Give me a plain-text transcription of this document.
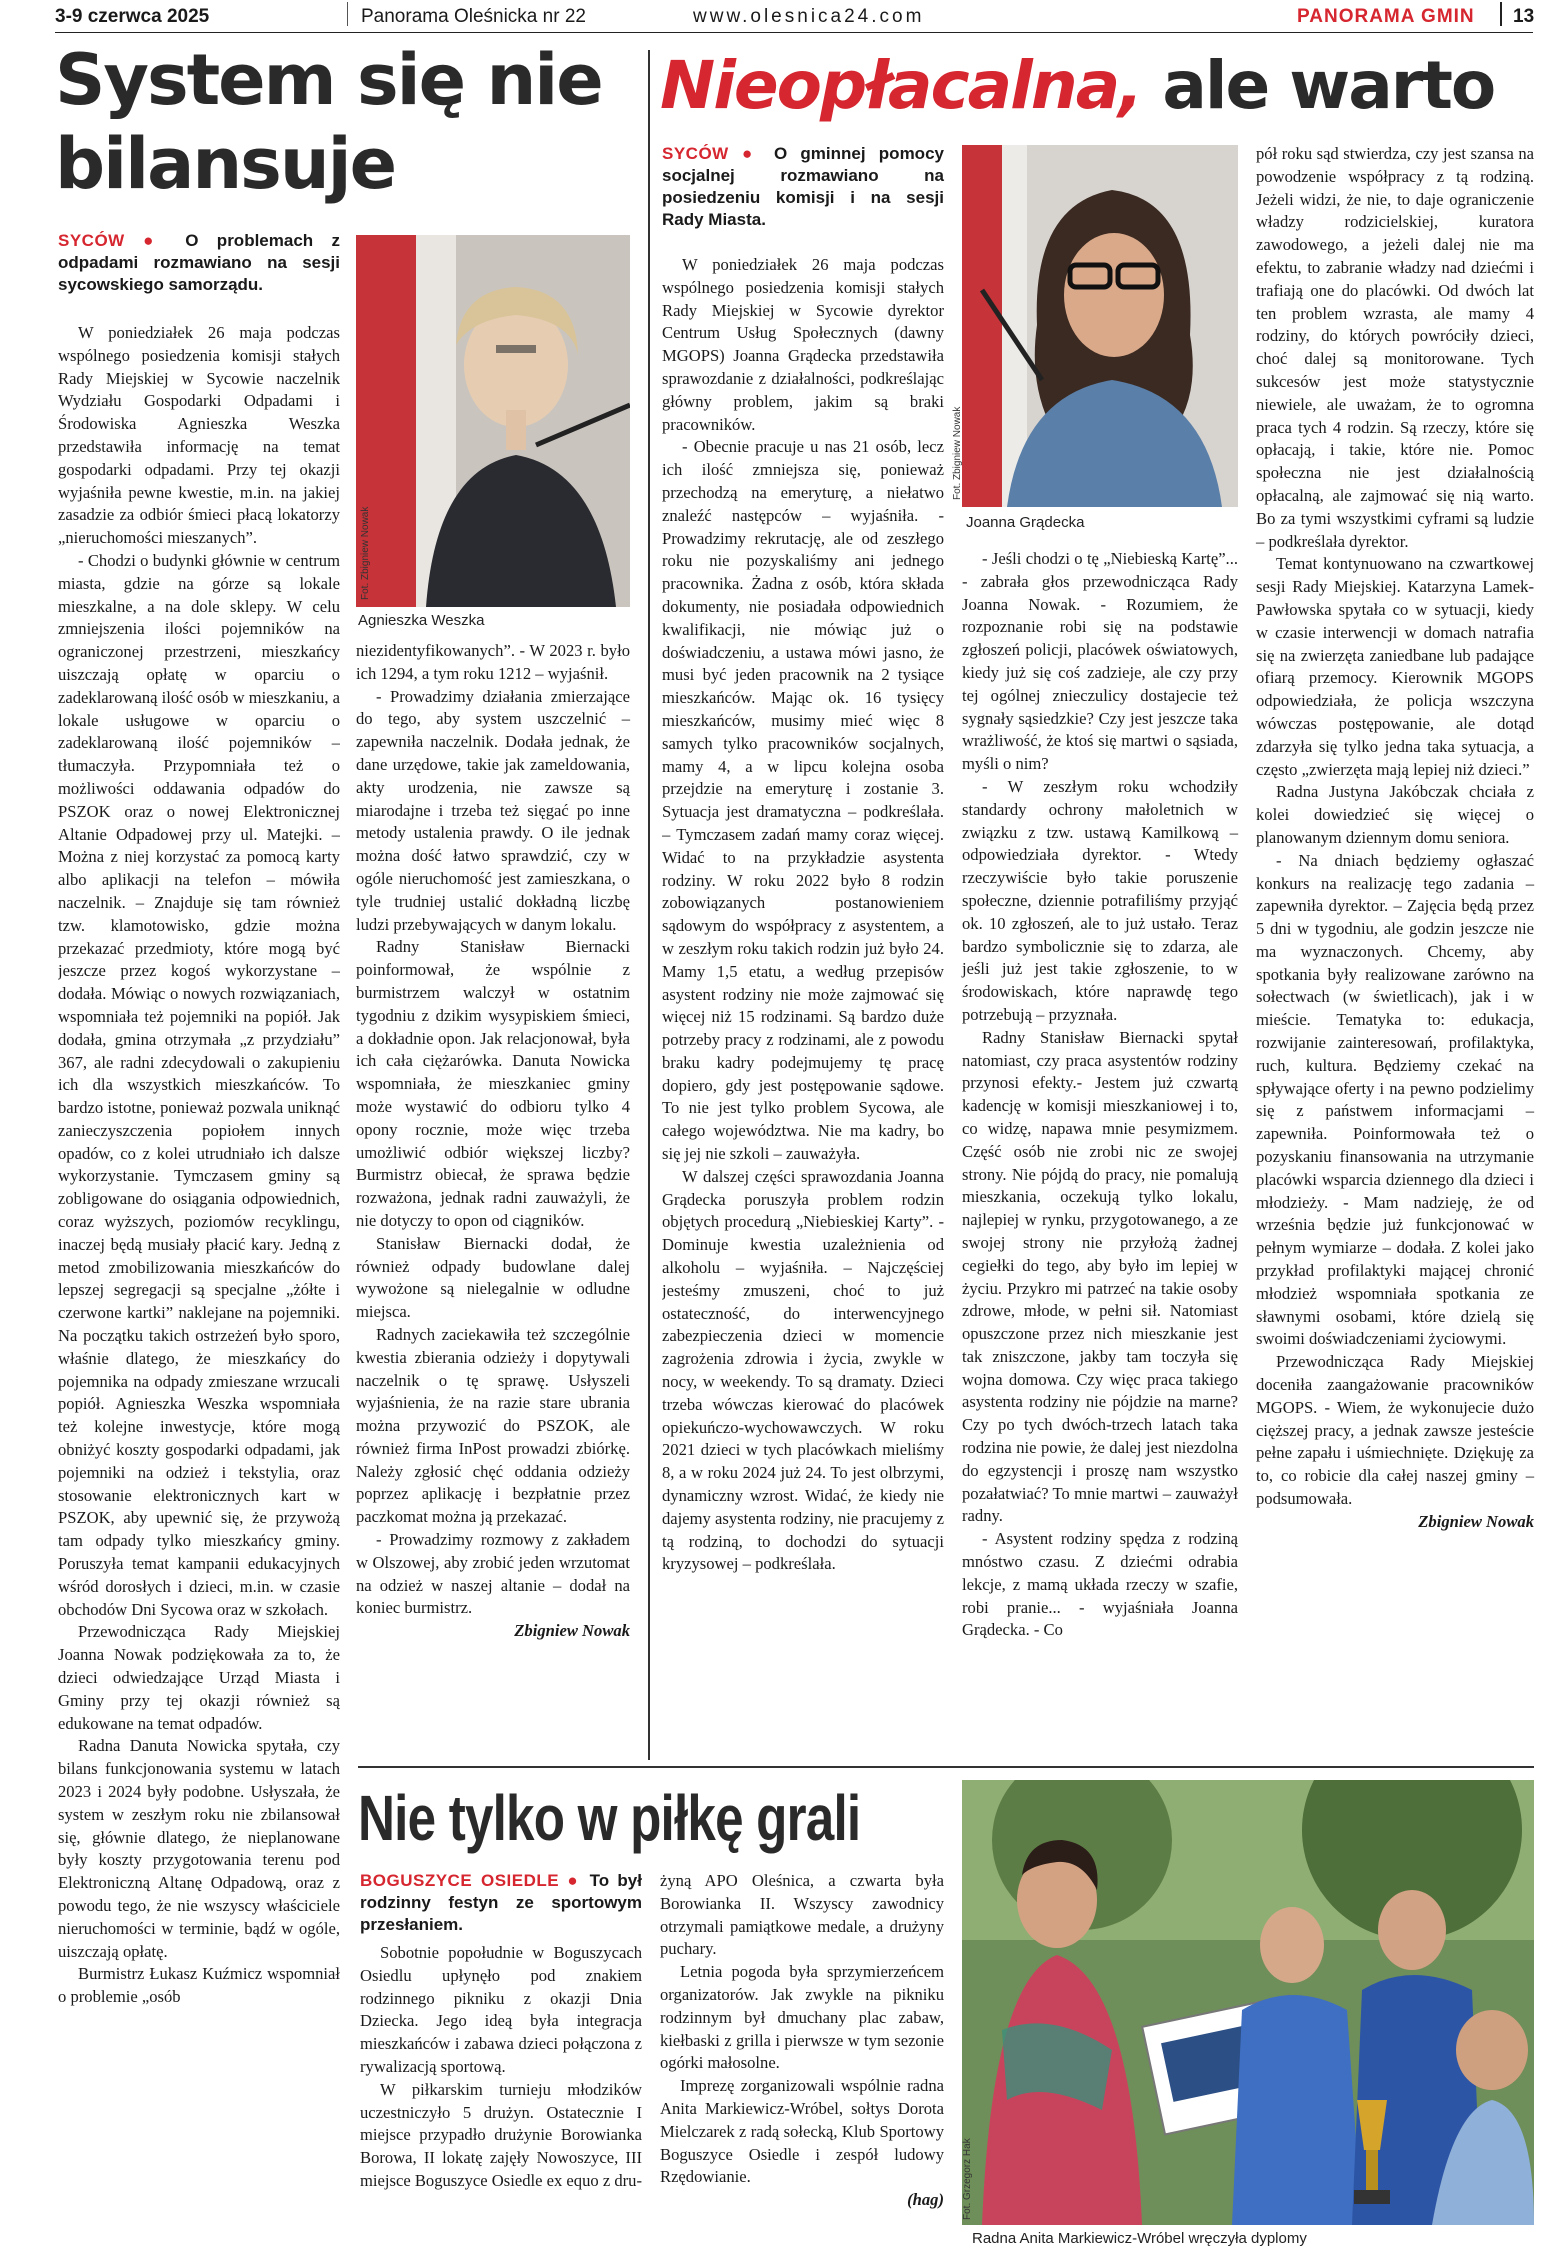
3-9 czerwca 2025	Panorama Oleśnicka nr 22	www.olesnica24.com	PANORAMA GMIN 13
System się nie bilansuje

SYCÓW ● O problemach z odpadami rozmawiano na sesji sycowskiego samorządu.

W poniedziałek 26 maja podczas wspólnego posiedzenia komisji stałych Rady Miejskiej w Sycowie naczelnik Wydziału Gospodarki Odpadami i Środowiska Agnieszka Weszka przedstawiła informację na temat gospodarki odpadami. Przy tej okazji wyjaśniła pewne kwestie, m.in. na jakiej zasadzie za odbiór śmieci płacą lokatorzy „nieruchomości mieszanych”.

- Chodzi o budynki głównie w centrum miasta, gdzie na górze są lokale mieszkalne, a na dole sklepy. W celu zmniejszenia ilości pojemników na ograniczonej przestrzeni, mieszkańcy uiszczają opłatę w oparciu o zadeklarowaną ilość osób w mieszkaniu, a lokale usługowe w oparciu o zadeklarowaną ilość pojemników – tłumaczyła. Przypomniała też o możliwości oddawania odpadów do PSZOK oraz o nowej Elektronicznej Altanie Odpadowej przy ul. Matejki. – Można z niej korzystać za pomocą karty albo aplikacji na telefon – mówiła naczelnik. – Znajduje się tam również tzw. klamotowisko, gdzie można przekazać przedmioty, które mogą być jeszcze przez kogoś wykorzystane – dodała. Mówiąc o nowych rozwiązaniach, wspomniała też pojemniki na popiół. Jak dodała, gmina otrzymała „z przydziału” 367, ale radni zdecydowali o zakupieniu ich dla wszystkich mieszkańców. To bardzo istotne, ponieważ pozwala uniknąć zanieczyszczenia popiołem innych opadów, co z kolei utrudniało ich dalsze wykorzystanie. Tymczasem gminy są zobligowane do osiągania odpowiednich, coraz wyższych, poziomów recyklingu, inaczej będą musiały płacić kary. Jedną z metod zmobilizowania mieszkańców do lepszej segregacji są specjalne „żółte i czerwone kartki” naklejane na pojemniki. Na początku takich ostrzeżeń było sporo, właśnie dlatego, że mieszkańcy do pojemnika na odpady zmieszane wrzucali popiół. Agnieszka Weszka wspomniała też kolejne inwestycje, które mogą obniżyć koszty gospodarki odpadami, jak pojemniki na odzież i tekstylia, oraz stosowanie elektronicznych kart w PSZOK, aby upewnić się, że przywożą tam odpady tylko mieszkańcy gminy. Poruszyła temat kampanii edukacyjnych wśród dorosłych i dzieci, m.in. w czasie obchodów Dni Sycowa oraz w szkołach.

Przewodnicząca Rady Miejskiej Joanna Nowak podziękowała za to, że dzieci odwiedzające Urząd Miasta i Gminy przy tej okazji również są edukowane na temat odpadów.

Radna Danuta Nowicka spytała, czy bilans funkcjonowania systemu w latach 2023 i 2024 były podobne. Usłyszała, że system w zeszłym roku nie zbilansował się, głównie dlatego, że nieplanowane były koszty przygotowania terenu pod Elektroniczną Altanę Odpadową, oraz z powodu tego, że nie wszyscy właściciele nieruchomości w terminie, bądź w ogóle, uiszczają opłatę.

Burmistrz Łukasz Kuźmicz wspomniał o problemie „osób

Fot. Zbigniew Nowak
Agnieszka Weszka

niezidentyfikowanych”. - W 2023 r. było ich 1294, a tym roku 1212 – wyjaśnił.

- Prowadzimy działania zmierzające do tego, aby system uszczelnić – zapewniła naczelnik. Dodała jednak, że dane urzędowe, takie jak zameldowania, akty urodzenia, nie zawsze są miarodajne i trzeba też sięgać po inne metody ustalenia prawdy. O ile jednak można dość łatwo sprawdzić, czy w ogóle nieruchomość jest zamieszkana, o tyle trudniej ustalić dokładną liczbę ludzi przebywających w danym lokalu.

Radny Stanisław Biernacki poinformował, że wspólnie z burmistrzem walczył w ostatnim tygodniu z dzikim wysypiskiem śmieci, a dokładnie opon. Jak relacjonował, była ich cała ciężarówka. Danuta Nowicka wspomniała, że mieszkaniec gminy może wystawić do odbioru tylko 4 opony rocznie, może więc trzeba umożliwić odbiór większej liczby? Burmistrz obiecał, że sprawa będzie rozważona, jednak radni zauważyli, że nie dotyczy to opon od ciągników.

Stanisław Biernacki dodał, że również odpady budowlane dalej wywożone są nielegalnie w odludne miejsca.

Radnych zaciekawiła też szczególnie kwestia zbierania odzieży i dopytywali naczelnik o tę sprawę. Usłyszeli wyjaśnienia, że na razie stare ubrania można przywozić do PSZOK, ale również firma InPost prowadzi zbiórkę. Należy zgłosić chęć oddania odzieży poprzez aplikację i bezpłatnie przez paczkomat można ją przekazać.

- Prowadzimy rozmowy z zakładem w Olszowej, aby zrobić jeden wrzutomat na odzież w naszej altanie – dodał na koniec burmistrz.

Zbigniew Nowak

Nieopłacalna, ale warto

SYCÓW ● O gminnej pomocy socjalnej rozmawiano na posiedzeniu komisji i na sesji Rady Miasta.

W poniedziałek 26 maja podczas wspólnego posiedzenia komisji stałych Rady Miejskiej w Sycowie dyrektor Centrum Usług Społecznych (dawny MGOPS) Joanna Grądecka przedstawiła sprawozdanie z działalności, podkreślając główny problem, jakim są braki pracowników.

- Obecnie pracuje u nas 21 osób, lecz ich ilość zmniejsza się, ponieważ przechodzą na emeryturę, a niełatwo znaleźć następców – wyjaśniła. - Prowadzimy rekrutację, ale od zeszłego roku nie pozyskaliśmy ani jednego pracownika. Żadna z osób, która składa dokumenty, nie posiadała odpowiednich kwalifikacji, nie mówiąc już o doświadczeniu, a ustawa mówi jasno, że musi być jeden pracownik na 2 tysiące mieszkańców. Mając ok. 16 tysięcy mieszkańców, musimy mieć więc 8 samych tylko pracowników socjalnych, mamy 4, a w lipcu kolejna osoba przejdzie na emeryturę i zostanie 3. Sytuacja jest dramatyczna – podkreślała. – Tymczasem zadań mamy coraz więcej. Widać to na przykładzie asystenta rodziny. W roku 2022 było 8 rodzin zobowiązanych postanowieniem sądowym do współpracy z asystentem, a w zeszłym roku takich rodzin już było 24. Mamy 1,5 etatu, a według przepisów asystent rodziny nie może zajmować się więcej niż 15 rodzinami. Są bardzo duże potrzeby pracy z rodzinami, ale z powodu braku kadry podejmujemy tę pracę dopiero, gdy jest postępowanie sądowe. To nie jest tylko problem Sycowa, ale całego województwa. Nie ma kadry, bo się jej nie szkoli – zauważyła.

W dalszej części sprawozdania Joanna Grądecka poruszyła problem rodzin objętych procedurą „Niebieskiej Karty”. - Dominuje kwestia uzależnienia od alkoholu – wyjaśniła. – Najczęściej jesteśmy zmuszeni, choć to już ostateczność, do interwencyjnego zabezpieczenia dzieci w momencie zagrożenia zdrowia i życia, zwykle w nocy, w weekendy. To są dramaty. Dzieci trzeba wówczas kierować do placówek opiekuńczo-wychowawczych. W roku 2021 dzieci w tych placówkach mieliśmy 8, a w roku 2024 już 24. To jest olbrzymi, dynamiczny wzrost. Widać, że kiedy nie dajemy asystenta rodziny, nie pracujemy z tą rodziną, to dochodzi do sytuacji kryzysowej – podkreślała.

Fot. Zbigniew Nowak
Joanna Grądecka

- Jeśli chodzi o tę „Niebieską Kartę”... - zabrała głos przewodnicząca Rady Joanna Nowak. - Rozumiem, że rozpoznanie robi się na podstawie zgłoszeń policji, placówek oświatowych, kiedy już się coś zadzieje, ale czy przy tej ogólnej znieczulicy dostajecie też sygnały sąsiedzkie? Czy jest jeszcze taka wrażliwość, że ktoś się martwi o sąsiada, myśli o nim?

- W zeszłym roku wchodziły standardy ochrony małoletnich w związku z tzw. ustawą Kamilkową – odpowiedziała dyrektor. - Wtedy rzeczywiście było takie poruszenie społeczne, dziennie potrafiliśmy przyjąć ok. 10 zgłoszeń, ale to już ustało. Teraz bardzo symbolicznie się to zdarza, ale jeśli już jest takie zgłoszenie, to w środowiskach, które naprawdę tego potrzebują – przyznała.

Radny Stanisław Biernacki spytał natomiast, czy praca asystentów rodziny przynosi efekty.- Jestem już czwartą kadencję w komisji mieszkaniowej i to, co widzę, napawa mnie pesymizmem. Część osób nie zrobi nic ze swojej strony. Nie pójdą do pracy, nie pomalują mieszkania, oczekują tylko lokalu, najlepiej w rynku, przygotowanego, a ze swojej strony nie przyłożą żadnej cegiełki do tego, aby było im lepiej w życiu. Przykro mi patrzeć na takie osoby zdrowe, młode, w pełni sił. Natomiast opuszczone przez nich mieszkanie jest tak zniszczone, jakby tam toczyła się wojna domowa. Czy więc praca takiego asystenta rodziny nie pójdzie na marne? Czy po tych dwóch-trzech latach taka rodzina nie powie, że dalej jest niezdolna do egzystencji i proszę nam wszystko pozałatwiać? To mnie martwi – zauważył radny.

- Asystent rodziny spędza z rodziną mnóstwo czasu. Z dziećmi odrabia lekcje, z mamą układa rzeczy w szafie, robi pranie... - wyjaśniała Joanna Grądecka. - Co

pół roku sąd stwierdza, czy jest szansa na powodzenie współpracy z tą rodziną. Jeżeli widzi, że nie, to daje ograniczenie władzy rodzicielskiej, kuratora zawodowego, a jeżeli dalej nie ma efektu, to zabranie władzy nad dziećmi i trafiają one do placówki. Od dwóch lat ten problem wzrasta, ale mamy 4 rodziny, do których powróciły dzieci, choć dalej są monitorowane. Tych sukcesów jest może statystycznie niewiele, ale uważam, że to ogromna praca tych 4 rodzin. Są rzeczy, które się opłacają, i takie, które nie. Pomoc społeczna nie jest działalnością opłacalną, ale zajmować się nią warto. Bo za tymi wszystkimi cyframi są ludzie – podkreślała dyrektor.

Temat kontynuowano na czwartkowej sesji Rady Miejskiej. Katarzyna Lamek-Pawłowska spytała co w sytuacji, kiedy w czasie interwencji w domach natrafia się na zwierzęta zaniedbane lub padające ofiarą przemocy. Kierownik MGOPS odpowiedziała, że policja wszczyna wówczas postępowanie, ale dotąd zdarzyła się tylko jedna taka sytuacja, a często „zwierzęta mają lepiej niż dzieci.”

Radna Justyna Jakóbczak chciała z kolei dowiedzieć się więcej o planowanym dziennym domu seniora.

- Na dniach będziemy ogłaszać konkurs na realizację tego zadania – zapewniła dyrektor. – Zajęcia będą przez 5 dni w tygodniu, ale godzin jeszcze nie ma wyznaczonych. Chcemy, aby spotkania były realizowane zarówno na sołectwach (w świetlicach), jak i w mieście. Tematyka to: edukacja, rozwijanie zainteresowań, profilaktyka, ruch, kultura. Będziemy czekać na spływające oferty i na pewno podzielimy się z państwem informacjami – zapewniła. Poinformowała też o pozyskaniu finansowania na utrzymanie placówki wsparcia dziennego dla dzieci i młodzieży. - Mam nadzieję, że od września będzie już funkcjonować w pełnym wymiarze – dodała. Z kolei jako przykład profilaktyki mającej chronić młodzież wspomniała spotkania ze sławnymi osobami, które dzielą się swoimi doświadczeniami życiowymi.

Przewodnicząca Rady Miejskiej doceniła zaangażowanie pracowników MGOPS. - Wiem, że wykonujecie dużo cięższej pracy, a jednak zawsze jesteście pełne zapału i uśmiechnięte. Dziękuję za to, co robicie dla całej naszej gminy – podsumowała.

Zbigniew Nowak

Nie tylko w piłkę grali

BOGUSZYCE OSIEDLE ● To był rodzinny festyn ze sportowym przesłaniem.

Sobotnie popołudnie w Boguszycach Osiedlu upłynęło pod znakiem rodzinnego pikniku z okazji Dnia Dziecka. Jego ideą była integracja mieszkańców i zabawa dzieci połączona z rywalizacją sportową.

W piłkarskim turnieju młodzików uczestniczyło 5 drużyn. Ostatecznie I miejsce przypadło drużynie Borowianka Borowa, II lokatę zajęły Nowoszyce, III miejsce Boguszyce Osiedle ex equo z dru-

żyną APO Oleśnica, a czwarta była Borowianka II. Wszyscy zawodnicy otrzymali pamiątkowe medale, a drużyny puchary.

Letnia pogoda była sprzymierzeńcem organizatorów. Jak zwykle na pikniku rodzinnym był dmuchany plac zabaw, kiełbaski z grilla i pierwsze w tym sezonie ogórki małosolne.

Imprezę zorganizowali wspólnie radna Anita Markiewicz-Wróbel, sołtys Dorota Mielczarek z radą sołecką, Klub Sportowy Boguszyce Osiedle i zespół ludowy Rzędowianie.

(hag) Fot. Grzegorz Hak
Radna Anita Markiewicz-Wróbel wręczyła dyplomy
